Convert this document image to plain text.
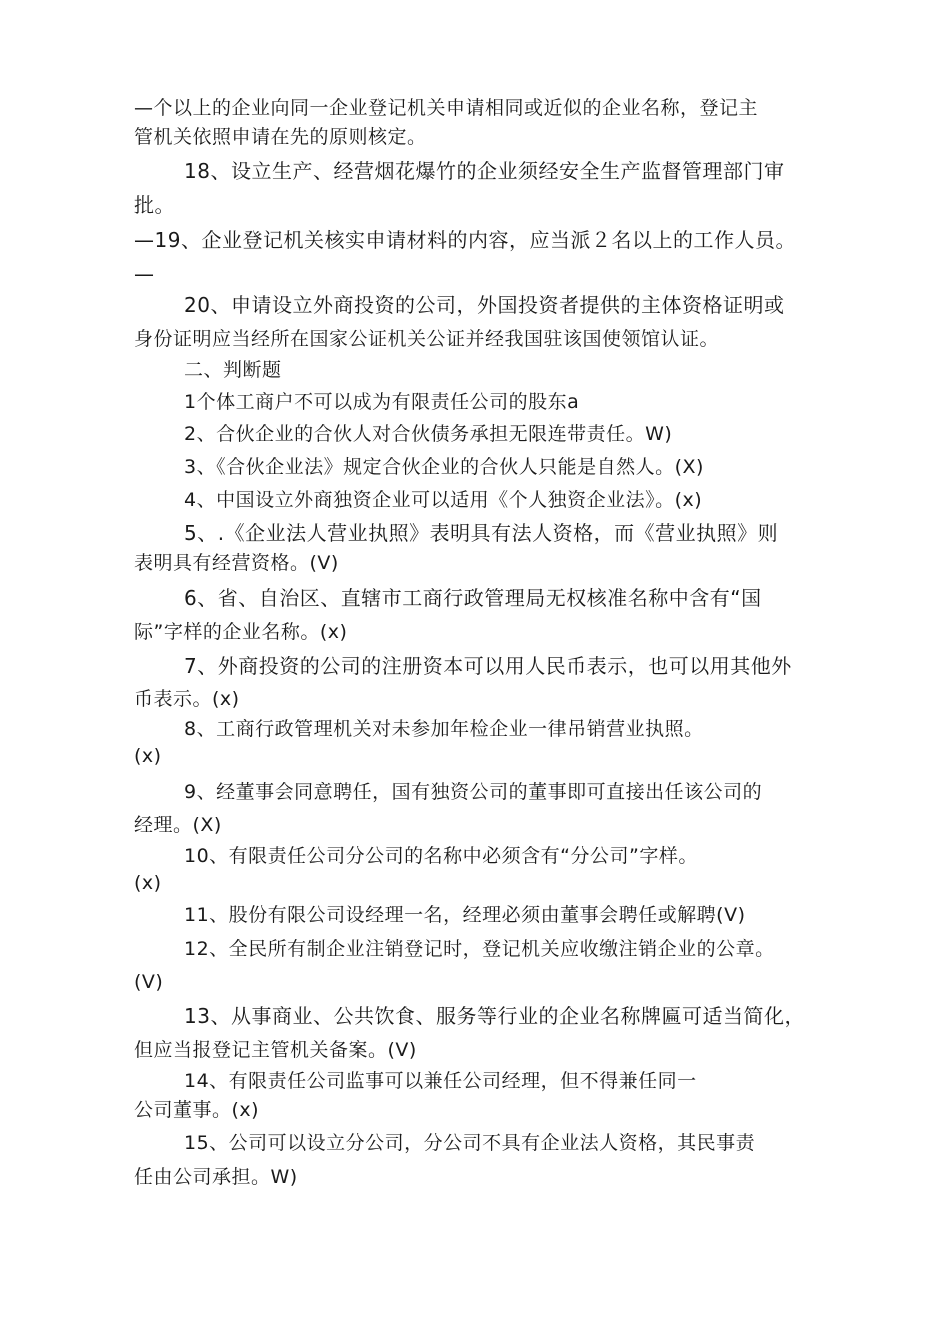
—个以上的企业向同一企业登记机关申请相同或近似的企业名称，登记主
管机关依照申请在先的原则核定。
18、设立生产、经营烟花爆竹的企业须经安全生产监督管理部门审
批。
—19、企业登记机关核实申请材料的内容，应当派２名以上的工作人员。
—
20、申请设立外商投资的公司，外国投资者提供的主体资格证明或
身份证明应当经所在国家公证机关公证并经我国驻该国使领馆认证。
二、判断题
1个体工商户不可以成为有限责任公司的股东a
2、合伙企业的合伙人对合伙债务承担无限连带责任。W)
3、《合伙企业法》规定合伙企业的合伙人只能是自然人。(X)
4、中国设立外商独资企业可以适用《个人独资企业法》。(x)
5、.《企业法人营业执照》表明具有法人资格，而《营业执照》则
表明具有经营资格。(V)
6、省、自治区、直辖市工商行政管理局无权核准名称中含有“国
际”字样的企业名称。(x)
7、外商投资的公司的注册资本可以用人民币表示，也可以用其他外
币表示。(x)
8、工商行政管理机关对未参加年检企业一律吊销营业执照。
(x)
9、经董事会同意聘任，国有独资公司的董事即可直接出任该公司的
经理。(X)
10、有限责任公司分公司的名称中必须含有“分公司”字样。
(x)
11、股份有限公司设经理一名，经理必须由董事会聘任或解聘(V)
12、全民所有制企业注销登记时，登记机关应收缴注销企业的公章。
(V)
13、从事商业、公共饮食、服务等行业的企业名称牌匾可适当简化，
但应当报登记主管机关备案。(V)
14、有限责任公司监事可以兼任公司经理，但不得兼任同一
公司董事。(x)
15、公司可以设立分公司，分公司不具有企业法人资格，其民事责
任由公司承担。W)
